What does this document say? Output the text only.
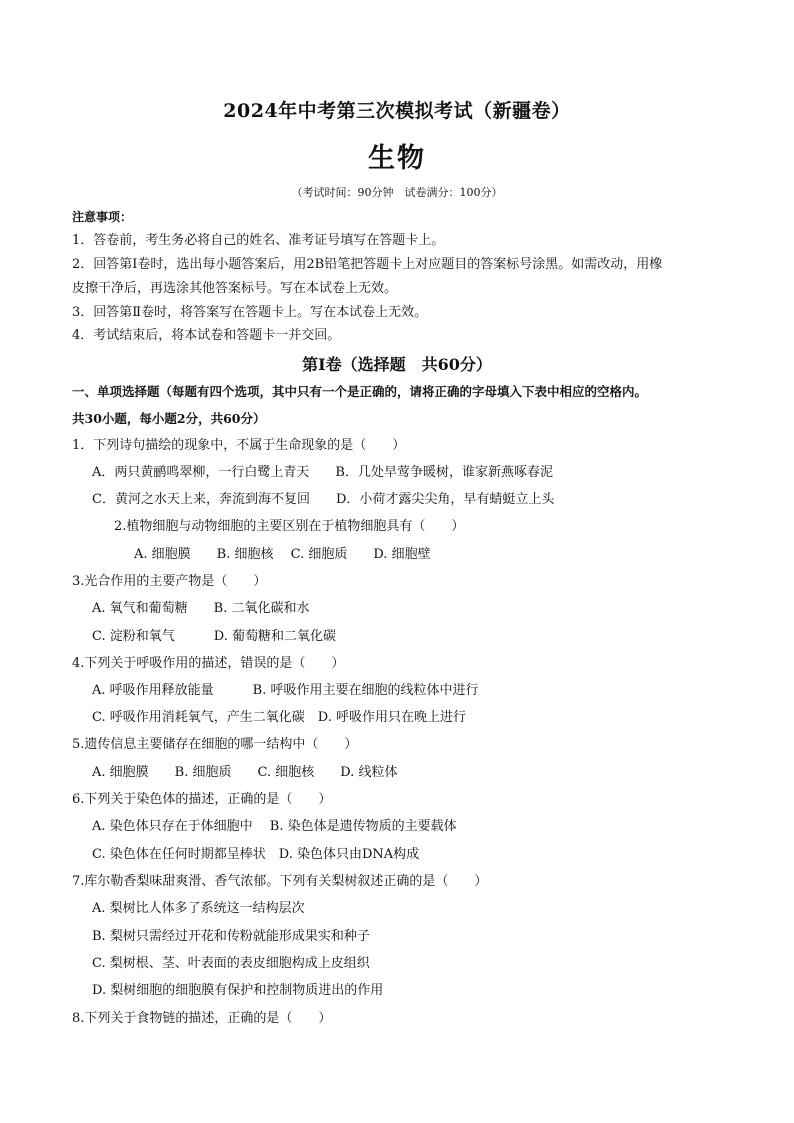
2024年中考第三次模拟考试（新疆卷）
生物
（考试时间：90分钟　试卷满分：100分）
注意事项：
1．答卷前，考生务必将自己的姓名、准考证号填写在答题卡上。
2．回答第Ⅰ卷时，选出每小题答案后，用2B铅笔把答题卡上对应题目的答案标号涂黑。如需改动，用橡
皮擦干净后，再选涂其他答案标号。写在本试卷上无效。
3．回答第Ⅱ卷时，将答案写在答题卡上。写在本试卷上无效。
4．考试结束后，将本试卷和答题卡一并交回。
第Ⅰ卷（选择题　共60分）
一、单项选择题（每题有四个选项，其中只有一个是正确的，请将正确的字母填入下表中相应的空格内。
共30小题，每小题2分，共60分）
1．下列诗句描绘的现象中，不属于生命现象的是（　　）
A．两只黄鹂鸣翠柳，一行白鹭上青天　　B．几处早莺争暖树，谁家新燕啄春泥
C．黄河之水天上来，奔流到海不复回　　D．小荷才露尖尖角，早有蜻蜓立上头
2.植物细胞与动物细胞的主要区别在于植物细胞具有（　　）
A. 细胞膜　　B. 细胞核　 C. 细胞质　　D. 细胞壁
3.光合作用的主要产物是（　　）
A. 氧气和葡萄糖　　B. 二氧化碳和水
C. 淀粉和氧气　　　D. 葡萄糖和二氧化碳
4.下列关于呼吸作用的描述，错误的是（　　）
A. 呼吸作用释放能量　　　B. 呼吸作用主要在细胞的线粒体中进行
C. 呼吸作用消耗氧气，产生二氧化碳　D. 呼吸作用只在晚上进行
5.遗传信息主要储存在细胞的哪一结构中（　　）
A. 细胞膜　　B. 细胞质　　C. 细胞核　　D. 线粒体
6.下列关于染色体的描述，正确的是（　　）
A. 染色体只存在于体细胞中　 B. 染色体是遗传物质的主要载体
C. 染色体在任何时期都呈棒状　D. 染色体只由DNA构成
7.库尔勒香梨味甜爽滑、香气浓郁。下列有关梨树叙述正确的是（　　）
A. 梨树比人体多了系统这一结构层次
B. 梨树只需经过开花和传粉就能形成果实和种子
C. 梨树根、茎、叶表面的表皮细胞构成上皮组织
D. 梨树细胞的细胞膜有保护和控制物质进出的作用
8.下列关于食物链的描述，正确的是（　　）
